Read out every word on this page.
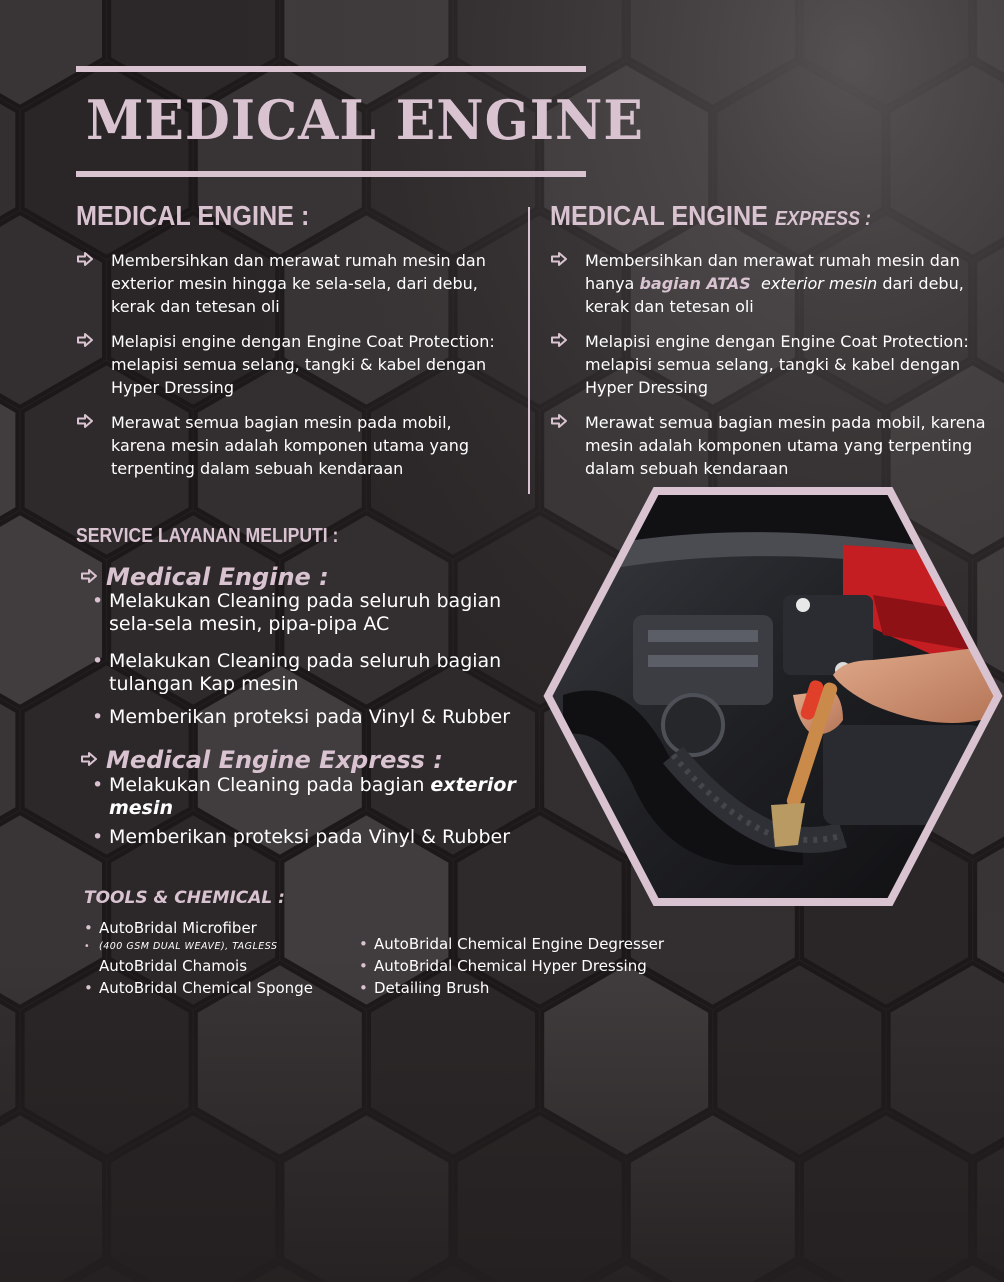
MEDICAL ENGINE
MEDICAL ENGINE :
Membersihkan dan merawat rumah mesin dan exterior mesin hingga ke sela-sela, dari debu, kerak dan tetesan oli
Melapisi engine dengan Engine Coat Protection: melapisi semua selang, tangki & kabel dengan Hyper Dressing
Merawat semua bagian mesin pada mobil, karena mesin adalah komponen utama yang terpenting dalam sebuah kendaraan
MEDICAL ENGINE EXPRESS :
Membersihkan dan merawat rumah mesin dan hanya bagian ATAS exterior mesin dari debu, kerak dan tetesan oli
Melapisi engine dengan Engine Coat Protection: melapisi semua selang, tangki & kabel dengan Hyper Dressing
Merawat semua bagian mesin pada mobil, karena mesin adalah komponen utama yang terpenting dalam sebuah kendaraan
SERVICE LAYANAN MELIPUTI :
Medical Engine :
• Melakukan Cleaning pada seluruh bagian sela-sela mesin, pipa-pipa AC
• Melakukan Cleaning pada seluruh bagian tulangan Kap mesin
• Memberikan proteksi pada Vinyl & Rubber
Medical Engine Express :
• Melakukan Cleaning pada bagian exterior mesin
• Memberikan proteksi pada Vinyl & Rubber
TOOLS & CHEMICAL :
• AutoBridal Microfiber
• (400 GSM DUAL WEAVE), TAGLESS
AutoBridal Chamois
• AutoBridal Chemical Sponge
• AutoBridal Chemical Engine Degresser
• AutoBridal Chemical Hyper Dressing
• Detailing Brush
